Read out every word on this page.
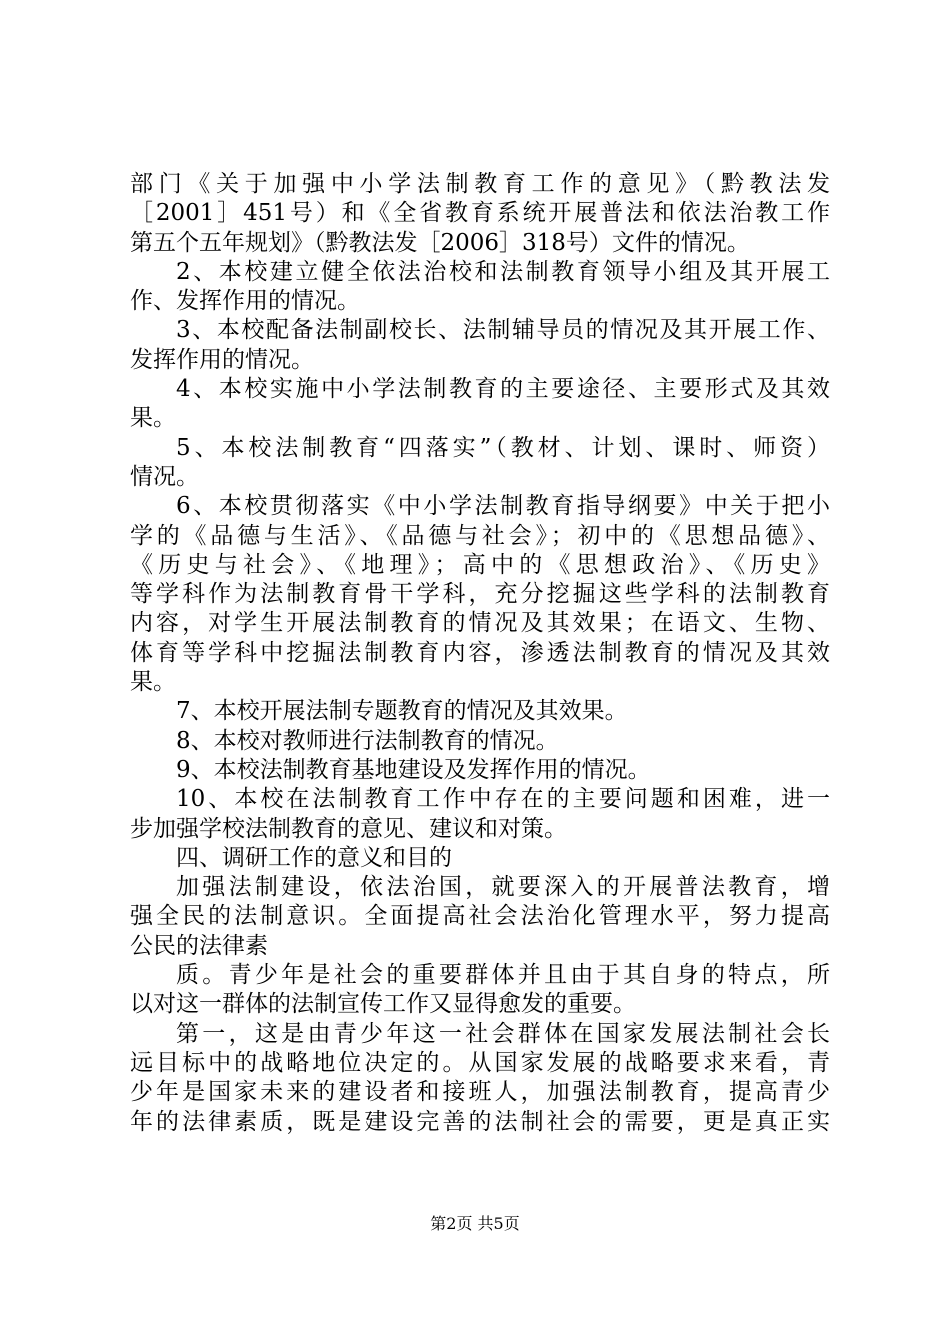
部门《关于加强中小学法制教育工作的意见》（黔教法发
［2001］451号）和《全省教育系统开展普法和依法治教工作
第五个五年规划》（黔教法发［2006］318号）文件的情况。
2、本校建立健全依法治校和法制教育领导小组及其开展工
作、发挥作用的情况。
3、本校配备法制副校长、法制辅导员的情况及其开展工作、
发挥作用的情况。
4、本校实施中小学法制教育的主要途径、主要形式及其效
果。
5、本校法制教育“四落实”（教材、计划、课时、师资）
情况。
6、本校贯彻落实《中小学法制教育指导纲要》中关于把小
学的《品德与生活》、《品德与社会》；初中的《思想品德》、
《历史与社会》、《地理》；高中的《思想政治》、《历史》
等学科作为法制教育骨干学科，充分挖掘这些学科的法制教育
内容，对学生开展法制教育的情况及其效果；在语文、生物、
体育等学科中挖掘法制教育内容，渗透法制教育的情况及其效
果。
7、本校开展法制专题教育的情况及其效果。
8、本校对教师进行法制教育的情况。
9、本校法制教育基地建设及发挥作用的情况。
10、本校在法制教育工作中存在的主要问题和困难，进一
步加强学校法制教育的意见、建议和对策。
四、调研工作的意义和目的
加强法制建设，依法治国，就要深入的开展普法教育，增
强全民的法制意识。全面提高社会法治化管理水平，努力提高
公民的法律素
质。青少年是社会的重要群体并且由于其自身的特点，所
以对这一群体的法制宣传工作又显得愈发的重要。
第一，这是由青少年这一社会群体在国家发展法制社会长
远目标中的战略地位决定的。从国家发展的战略要求来看，青
少年是国家未来的建设者和接班人，加强法制教育，提高青少
年的法律素质，既是建设完善的法制社会的需要，更是真正实
第2页 共5页
